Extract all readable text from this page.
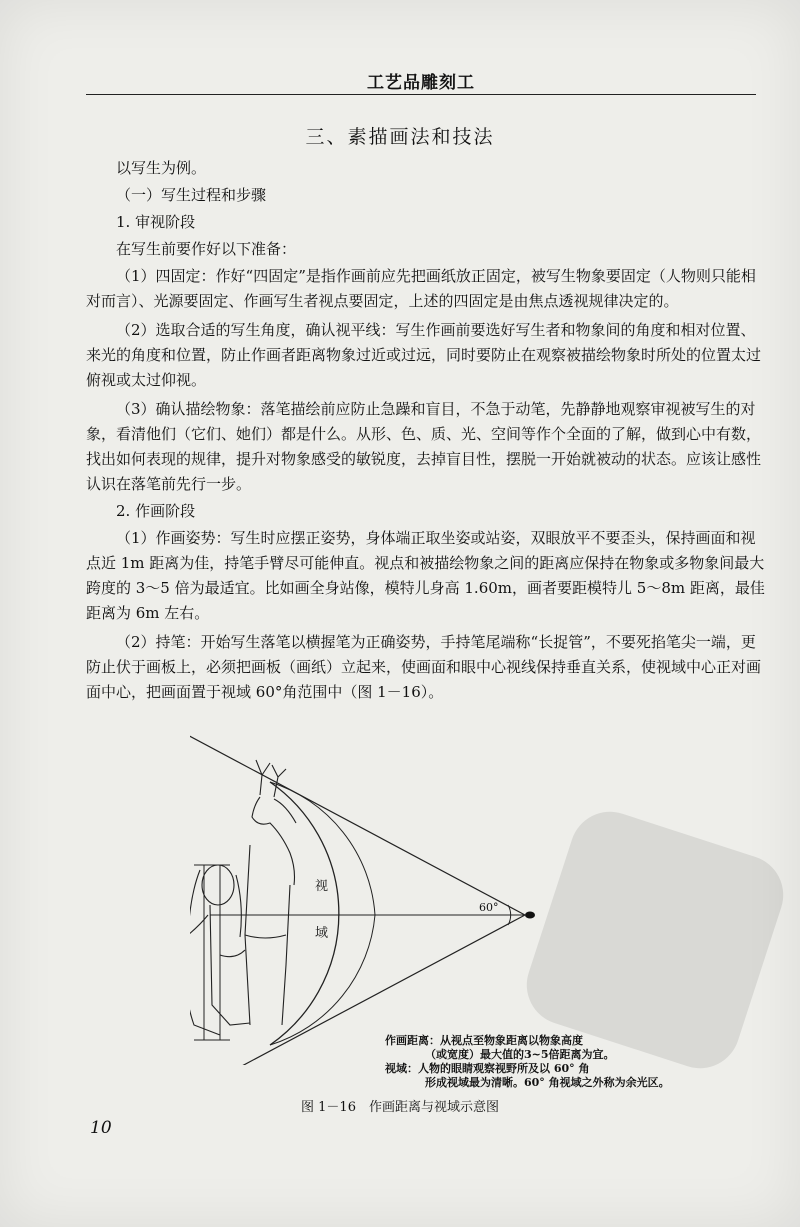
工艺品雕刻工
三、素描画法和技法

以写生为例。

（一）写生过程和步骤

1. 审视阶段

在写生前要作好以下准备：

（1）四固定：作好“四固定”是指作画前应先把画纸放正固定，被写生物象要固定（人物则只能相对而言）、光源要固定、作画写生者视点要固定，上述的四固定是由焦点透视规律决定的。

（2）选取合适的写生角度，确认视平线：写生作画前要选好写生者和物象间的角度和相对位置、来光的角度和位置，防止作画者距离物象过近或过远，同时要防止在观察被描绘物象时所处的位置太过俯视或太过仰视。

（3）确认描绘物象：落笔描绘前应防止急躁和盲目，不急于动笔，先静静地观察审视被写生的对象，看清他们（它们、她们）都是什么。从形、色、质、光、空间等作个全面的了解，做到心中有数，找出如何表现的规律，提升对物象感受的敏锐度，去掉盲目性，摆脱一开始就被动的状态。应该让感性认识在落笔前先行一步。

2. 作画阶段

（1）作画姿势：写生时应摆正姿势，身体端正取坐姿或站姿，双眼放平不要歪头，保持画面和视点近 1m 距离为佳，持笔手臂尽可能伸直。视点和被描绘物象之间的距离应保持在物象或多物象间最大跨度的 3～5 倍为最适宜。比如画全身站像，模特儿身高 1.60m，画者要距模特儿 5～8m 距离，最佳距离为 6m 左右。

（2）持笔：开始写生落笔以横握笔为正确姿势，手持笔尾端称“长捉管”，不要死掐笔尖一端，更防止伏于画板上，必须把画板（画纸）立起来，使画面和眼中心视线保持垂直关系，使视域中心正对画面中心，把画面置于视域 60°角范围中（图 1－16）。

视
域
60°
作画距离：从视点至物象距离以物象高度
（或宽度）最大值的3~5倍距离为宜。
视域：人物的眼睛观察视野所及以 60° 角
形成视域最为清晰。60° 角视域之外称为余光区。
图 1－16　作画距离与视域示意图
10
